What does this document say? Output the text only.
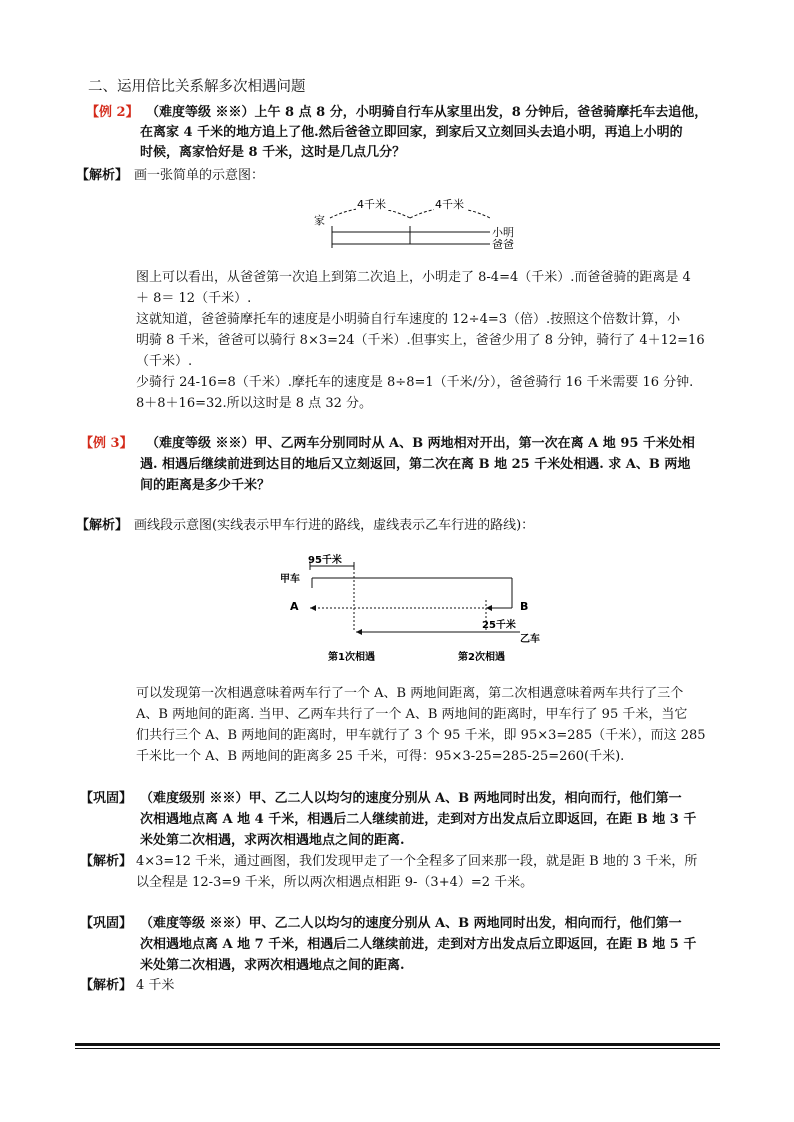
二、运用倍比关系解多次相遇问题
【例 2】 （难度等级 ※※）上午 8 点 8 分，小明骑自行车从家里出发，8 分钟后，爸爸骑摩托车去追他，
在离家 4 千米的地方追上了他.然后爸爸立即回家，到家后又立刻回头去追小明，再追上小明的
时候，离家恰好是 8 千米，这时是几点几分？
【解析】 画一张简单的示意图：
家
4千米	4千米
小明
爸爸
图上可以看出，从爸爸第一次追上到第二次追上，小明走了 8-4=4（千米）.而爸爸骑的距离是 4
＋ 8＝ 12（千米）.
这就知道，爸爸骑摩托车的速度是小明骑自行车速度的 12÷4=3（倍）.按照这个倍数计算，小
明骑 8 千米，爸爸可以骑行 8×3=24（千米）.但事实上，爸爸少用了 8 分钟，骑行了 4＋12=16
（千米）.
少骑行 24-16=8（千米）.摩托车的速度是 8÷8=1（千米/分），爸爸骑行 16 千米需要 16 分钟.
8＋8＋16=32.所以这时是 8 点 32 分。
【例 3】 （难度等级 ※※）甲、乙两车分别同时从 A、B 两地相对开出，第一次在离 A 地 95 千米处相
遇. 相遇后继续前进到达目的地后又立刻返回，第二次在离 B 地 25 千米处相遇. 求 A、B 两地
间的距离是多少千米？
【解析】 画线段示意图(实线表示甲车行进的路线，虚线表示乙车行进的路线)：
95千米
甲车
A	B
25千米
乙车
第1次相遇	第2次相遇
可以发现第一次相遇意味着两车行了一个 A、B 两地间距离，第二次相遇意味着两车共行了三个
A、B 两地间的距离. 当甲、乙两车共行了一个 A、B 两地间的距离时，甲车行了 95 千米，当它
们共行三个 A、B 两地间的距离时，甲车就行了 3 个 95 千米，即 95×3=285（千米），而这 285
千米比一个 A、B 两地间的距离多 25 千米，可得：95×3-25=285-25=260(千米).
【巩固】 （难度级别 ※※）甲、乙二人以均匀的速度分别从 A、B 两地同时出发，相向而行，他们第一
次相遇地点离 A 地 4 千米，相遇后二人继续前进，走到对方出发点后立即返回，在距 B 地 3 千
米处第二次相遇，求两次相遇地点之间的距离.
【解析】 4×3=12 千米，通过画图，我们发现甲走了一个全程多了回来那一段，就是距 B 地的 3 千米，所
以全程是 12-3=9 千米，所以两次相遇点相距 9-（3+4）=2 千米。
【巩固】 （难度等级 ※※）甲、乙二人以均匀的速度分别从 A、B 两地同时出发，相向而行，他们第一
次相遇地点离 A 地 7 千米，相遇后二人继续前进，走到对方出发点后立即返回，在距 B 地 5 千
米处第二次相遇，求两次相遇地点之间的距离.
【解析】 4 千米
